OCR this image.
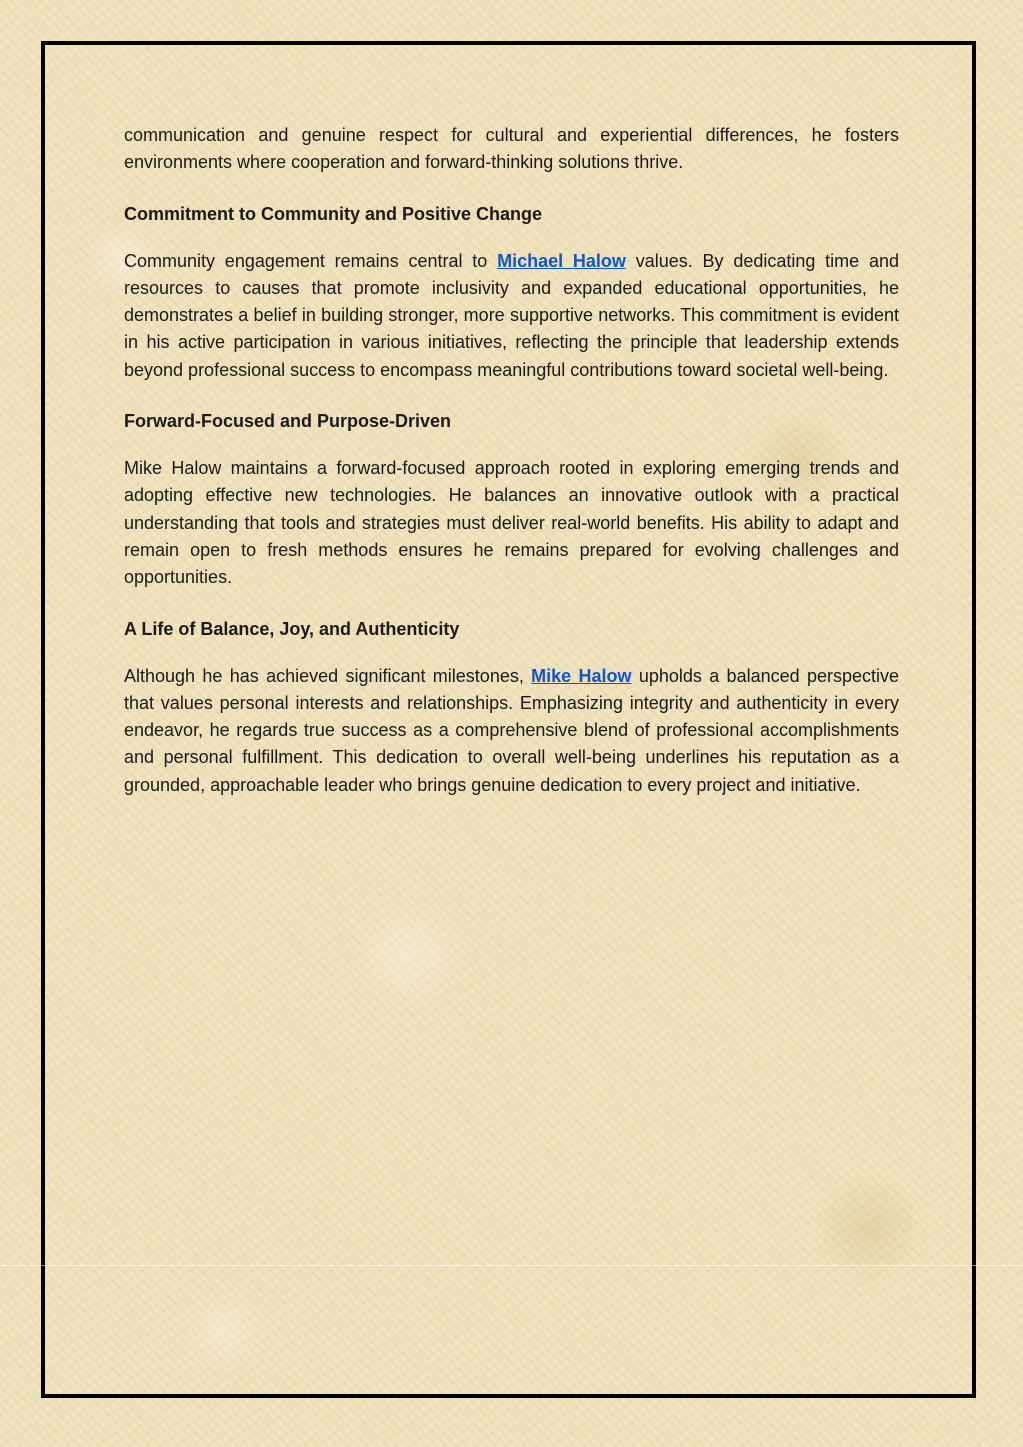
communication and genuine respect for cultural and experiential differences, he fosters environments where cooperation and forward-thinking solutions thrive.

Commitment to Community and Positive Change

Community engagement remains central to Michael Halow values. By dedicating time and resources to causes that promote inclusivity and expanded educational opportunities, he demonstrates a belief in building stronger, more supportive networks. This commitment is evident in his active participation in various initiatives, reflecting the principle that leadership extends beyond professional success to encompass meaningful contributions toward societal well-being.

Forward-Focused and Purpose-Driven

Mike Halow maintains a forward-focused approach rooted in exploring emerging trends and adopting effective new technologies. He balances an innovative outlook with a practical understanding that tools and strategies must deliver real-world benefits. His ability to adapt and remain open to fresh methods ensures he remains prepared for evolving challenges and opportunities.

A Life of Balance, Joy, and Authenticity

Although he has achieved significant milestones, Mike Halow upholds a balanced perspective that values personal interests and relationships. Emphasizing integrity and authenticity in every endeavor, he regards true success as a comprehensive blend of professional accomplishments and personal fulfillment. This dedication to overall well-being underlines his reputation as a grounded, approachable leader who brings genuine dedication to every project and initiative.
